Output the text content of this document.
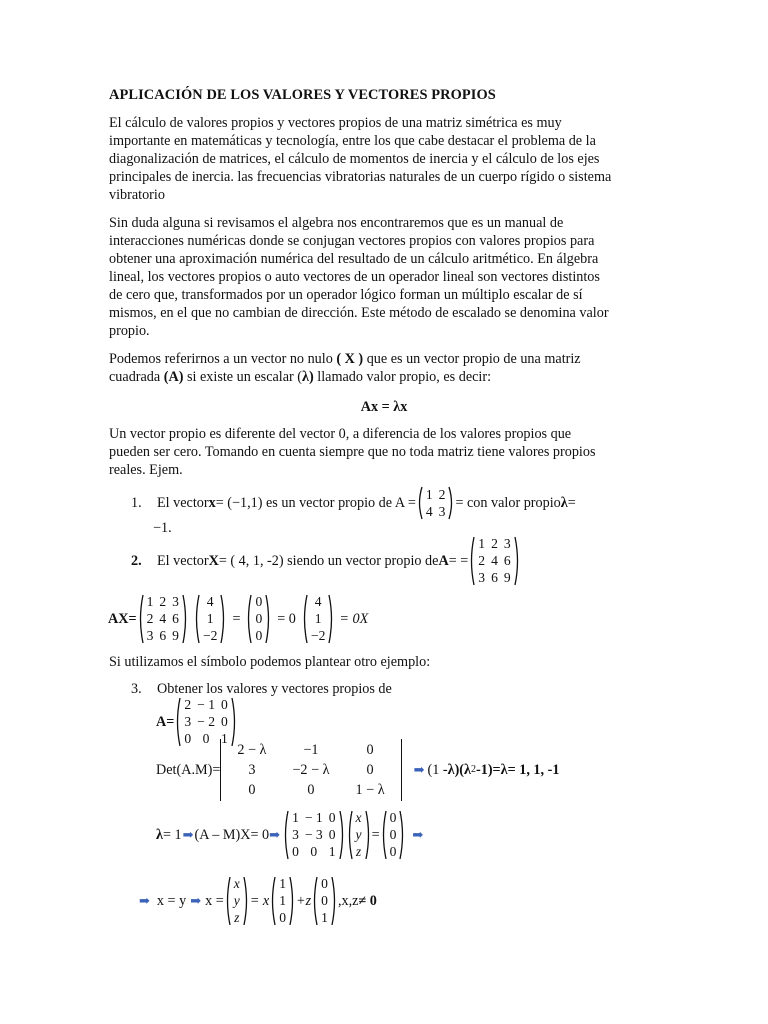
APLICACIÓN DE LOS VALORES Y VECTORES PROPIOS
El cálculo de valores propios y vectores propios de una matriz simétrica es muy
importante en matemáticas y tecnología, entre los que cabe destacar el problema de la
diagonalización de matrices, el cálculo de momentos de inercia y el cálculo de los ejes
principales de inercia. las frecuencias vibratorias naturales de un cuerpo rígido o sistema
vibratorio
Sin duda alguna si revisamos el algebra nos encontraremos que es un manual de
interacciones numéricas donde se conjugan vectores propios con valores propios para
obtener una aproximación numérica del resultado de un cálculo aritmético. En álgebra
lineal, los vectores propios o auto vectores de un operador lineal son vectores distintos
de cero que, transformados por un operador lógico forman un múltiplo escalar de sí
mismos, en el que no cambian de dirección. Este método de escalado se denomina valor
propio.
Podemos referirnos a un vector no nulo ( X ) que es un vector propio de una matriz
cuadrada (A) si existe un escalar (λ) llamado valor propio, es decir:
Ax = λx
Un vector propio es diferente del vector 0, a diferencia de los valores propios que
pueden ser cero. Tomando en cuenta siempre que no toda matriz tiene valores propios
reales. Ejem.
1.	El vector x = (−1,1) es un vector propio de A =
1	2
4	3 = con valor propio λ =
−1.
2.	El vector X = ( 4, 1, -2) siendo un vector propio de A = =
1	2	3
2	4	6
3	6	9
AX=
1	2	3
2	4	6
3	6	9
4
1
−2
=
0
0
0
= 0
4
1
−2
= 0X
Si utilizamos el símbolo podemos plantear otro ejemplo:
3.	Obtener los valores y vectores propios de
A=
2	− 1	0
3	− 2	0
0	0	1
Det(A.M)=
2 − λ	−1	0
3	−2 − λ	0
0	0	1 − λ
➡ (1 - λ )( λ 2 -1)= λ= 1, 1, -1
λ = 1 ➡ (A – M)X= 0 ➡
1	− 1	0
3	− 3	0
0	0	1
x
y
z
=
0
0
0
➡
➡ x = y ➡ x =
x
y
z
= x
1
1
0
+z
0
0
1
,x,z ≠ 0
